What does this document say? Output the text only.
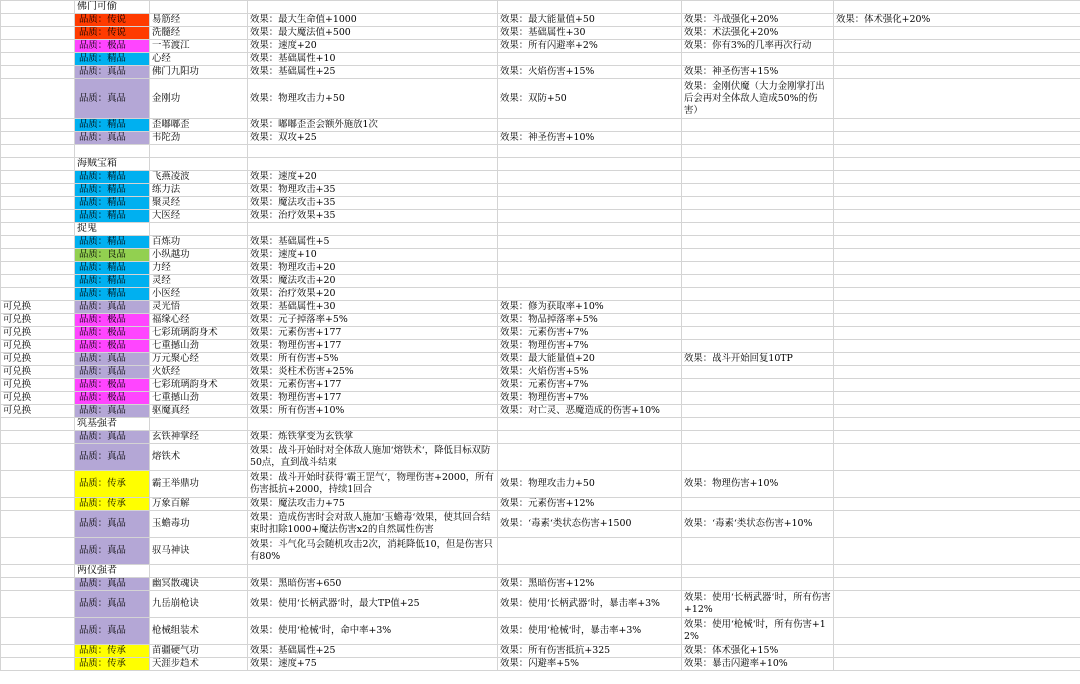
	佛门可偷					
	品质：传说	易筋经	效果：最大生命值+1000	效果：最大能量值+50	效果：斗战强化+20%	效果：体术强化+20%
	品质：传说	洗髓经	效果：最大魔法值+500	效果：基础属性+30	效果：术法强化+20%	
	品质：极品	一苇渡江	效果：速度+20	效果：所有闪避率+2%	效果：你有3%的几率再次行动	
	品质：精品	心经	效果：基础属性+10			
	品质：真品	佛门九阳功	效果：基础属性+25	效果：火焰伤害+15%	效果：神圣伤害+15%	
	品质：真品	金刚功	效果：物理攻击力+50	效果：双防+50	效果：金刚伏魔（大力金刚掌打出后会再对全体敌人造成50%的伤害）	
	品质：精品	歪嘟嘟歪	效果：嘟嘟歪歪会额外施放1次			
	品质：真品	韦陀劲	效果：双攻+25	效果：神圣伤害+10%		

	海贼宝箱					
	品质：精品	飞燕凌波	效果：速度+20			
	品质：精品	练力法	效果：物理攻击+35			
	品质：精品	聚灵经	效果：魔法攻击+35			
	品质：精品	大医经	效果：治疗效果+35			
	捉鬼					
	品质：精品	百炼功	效果：基础属性+5			
	品质：良品	小纵越功	效果：速度+10			
	品质：精品	力经	效果：物理攻击+20			
	品质：精品	灵经	效果：魔法攻击+20			
	品质：精品	小医经	效果：治疗效果+20			
可兑换	品质：真品	灵光悟	效果：基础属性+30	效果：修为获取率+10%		
可兑换	品质：极品	福缘心经	效果：元子掉落率+5%	效果：物品掉落率+5%		
可兑换	品质：极品	七彩琉璃韵身术	效果：元素伤害+177	效果：元素伤害+7%		
可兑换	品质：极品	七重撼山劲	效果：物理伤害+177	效果：物理伤害+7%		
可兑换	品质：真品	万元聚心经	效果：所有伤害+5%	效果：最大能量值+20	效果：战斗开始回复10TP	
可兑换	品质：真品	火妖经	效果：炎柱术伤害+25%	效果：火焰伤害+5%		
可兑换	品质：极品	七彩琉璃韵身术	效果：元素伤害+177	效果：元素伤害+7%		
可兑换	品质：极品	七重撼山劲	效果：物理伤害+177	效果：物理伤害+7%		
可兑换	品质：真品	驱魔真经	效果：所有伤害+10%	效果：对亡灵、恶魔造成的伤害+10%		
	筑基强者					
	品质：真品	玄铁神掌经	效果：炼铁掌变为玄铁掌			
	品质：真品	熔铁术	效果：战斗开始时对全体敌人施加‘熔铁术‘，降低目标双防50点，直到战斗结束			
	品质：传承	霸王举鼎功	效果：战斗开始时获得‘霸王罡气‘，物理伤害+2000，所有伤害抵抗+2000，持续1回合	效果：物理攻击力+50	效果：物理伤害+10%	
	品质：传承	万象百解	效果：魔法攻击力+75	效果：元素伤害+12%		
	品质：真品	玉蟾毒功	效果：造成伤害时会对敌人施加‘玉蟾毒‘效果，使其回合结束时扣除1000+魔法伤害x2的自然属性伤害	效果：‘毒素‘类状态伤害+1500	效果：‘毒素‘类状态伤害+10%	
	品质：真品	驭马神诀	效果：斗气化马会随机攻击2次，消耗降低10，但是伤害只有80%			
	两仪强者					
	品质：真品	幽冥散魂诀	效果：黑暗伤害+650	效果：黑暗伤害+12%		
	品质：真品	九岳崩枪诀	效果：使用‘长柄武器‘时，最大TP值+25	效果：使用‘长柄武器‘时，暴击率+3%	效果：使用‘长柄武器‘时，所有伤害+12%	
	品质：真品	枪械组装术	效果：使用‘枪械‘时，命中率+3%	效果：使用‘枪械‘时，暴击率+3%	效果：使用‘枪械‘时，所有伤害+12%	
	品质：传承	苗疆硬气功	效果：基础属性+25	效果：所有伤害抵抗+325	效果：体术强化+15%	
	品质：传承	天涯步趋术	效果：速度+75	效果：闪避率+5%	效果：暴击闪避率+10%	
